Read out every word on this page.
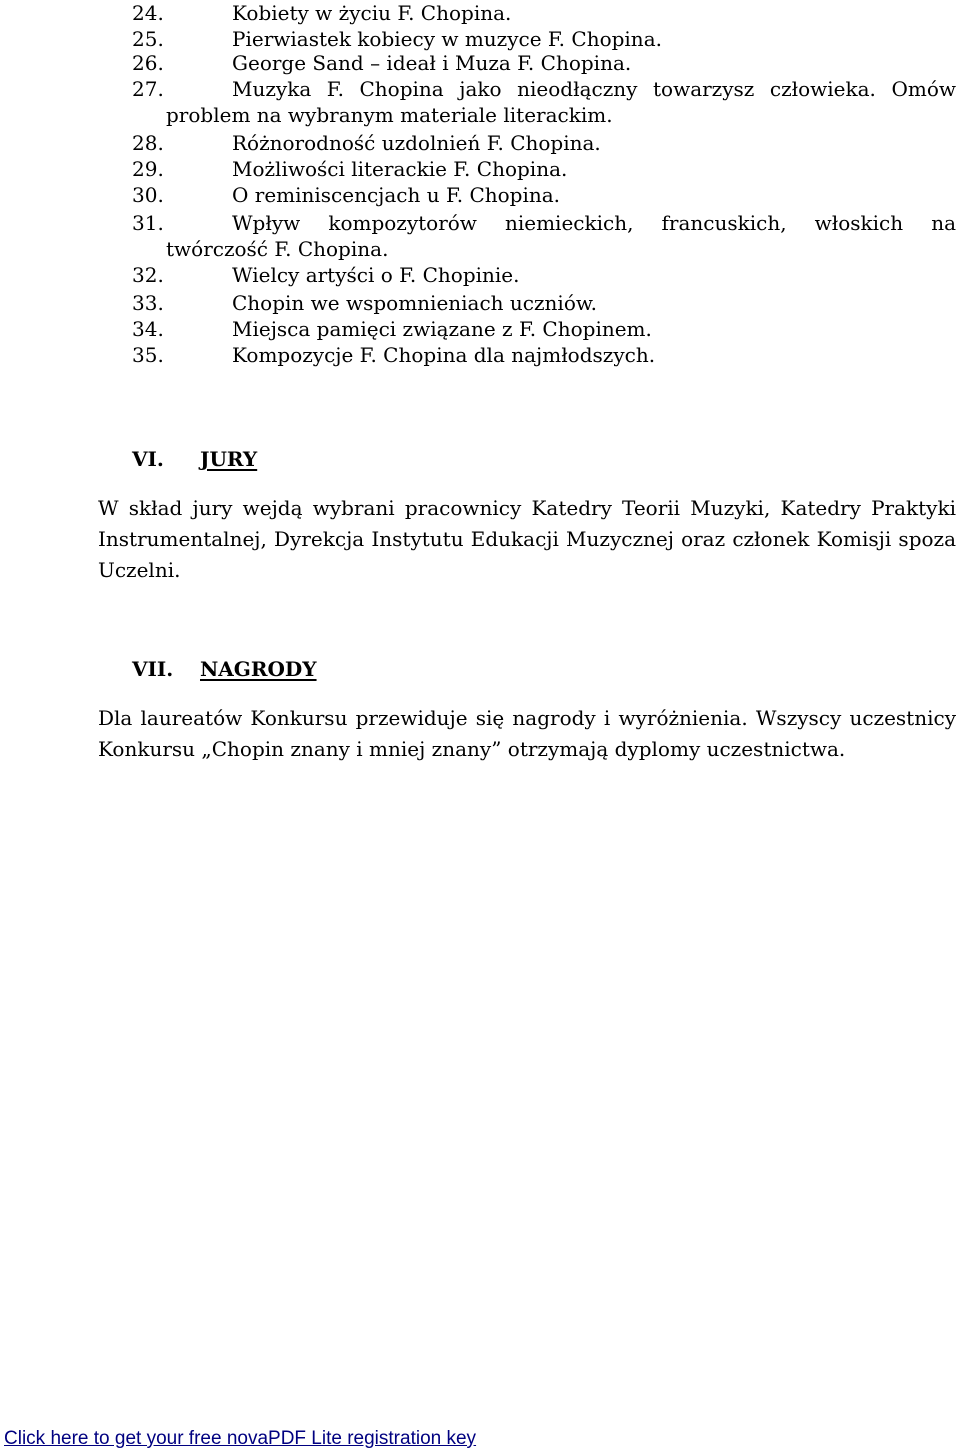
24.	Kobiety w życiu F. Chopina.
25.	Pierwiastek kobiecy w muzyce F. Chopina.
26.	George Sand – ideał i Muza F. Chopina.
27.	Muzyka F. Chopina jako nieodłączny towarzysz człowieka. Omów
problem na wybranym materiale literackim.
28.	Różnorodność uzdolnień F. Chopina.
29.	Możliwości literackie F. Chopina.
30.	O reminiscencjach u F. Chopina.
31.	Wpływ kompozytorów niemieckich, francuskich, włoskich na
twórczość F. Chopina.
32.	Wielcy artyści o F. Chopinie.
33.	Chopin we wspomnieniach uczniów.
34.	Miejsca pamięci związane z F. Chopinem.
35.	Kompozycje F. Chopina dla najmłodszych.
VI. JURY
W skład jury wejdą wybrani pracownicy Katedry Teorii Muzyki, Katedry Praktyki Instrumentalnej, Dyrekcja Instytutu Edukacji Muzycznej oraz członek Komisji spoza Uczelni.
VII. NAGRODY
Dla laureatów Konkursu przewiduje się nagrody i wyróżnienia. Wszyscy uczestnicy Konkursu „Chopin znany i mniej znany” otrzymają dyplomy uczestnictwa.
Click here to get your free novaPDF Lite registration key
